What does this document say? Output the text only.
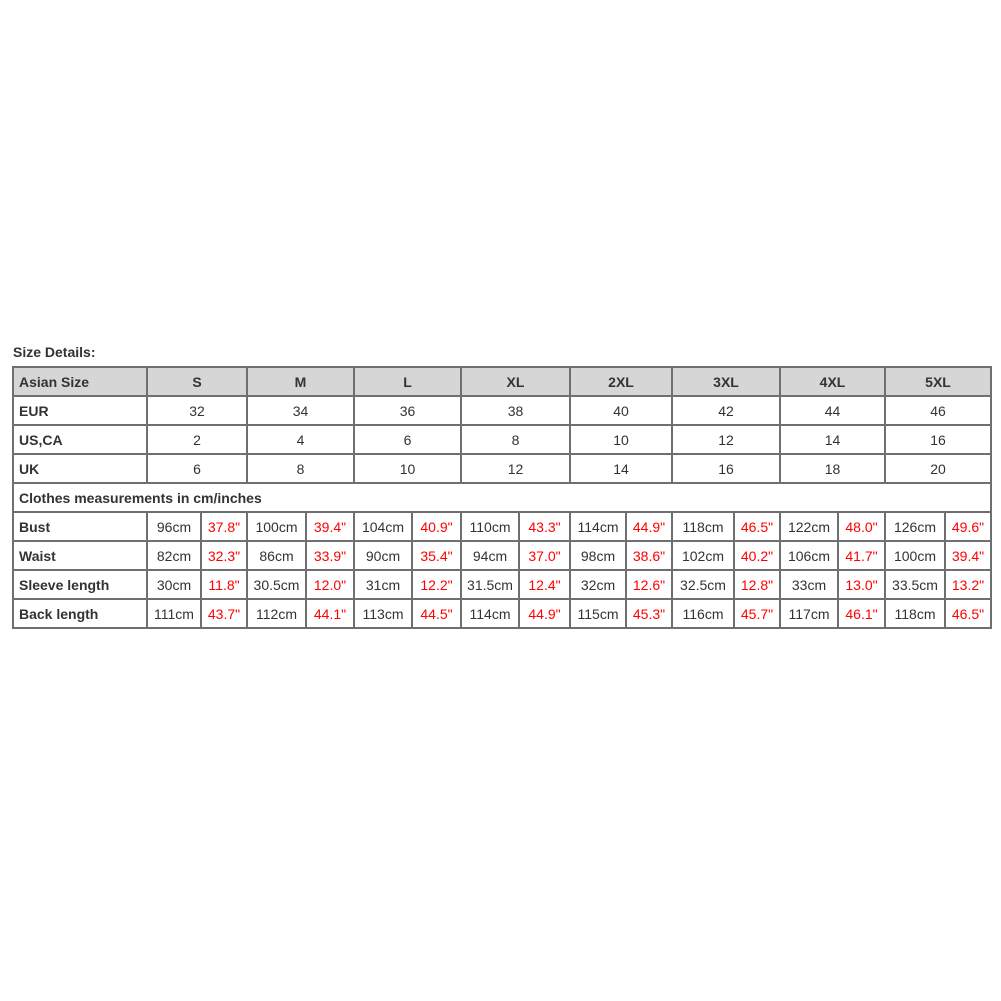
Size Details:
Asian Size	S		M		L		XL		2XL		3XL		4XL		5XL	
EUR	32		34		36		38		40		42		44		46	
US,CA	2		4		6		8		10		12		14		16	
UK	6		8		10		12		14		16		18		20	
Clothes measurements in cm/inches																
Bust	96cm	37.8"	100cm	39.4"	104cm	40.9"	110cm	43.3"	114cm	44.9"	118cm	46.5"	122cm	48.0"	126cm	49.6"
Waist	82cm	32.3"	86cm	33.9"	90cm	35.4"	94cm	37.0"	98cm	38.6"	102cm	40.2"	106cm	41.7"	100cm	39.4"
Sleeve length	30cm	11.8"	30.5cm	12.0"	31cm	12.2"	31.5cm	12.4"	32cm	12.6"	32.5cm	12.8"	33cm	13.0"	33.5cm	13.2"
Back length	111cm	43.7"	112cm	44.1"	113cm	44.5"	114cm	44.9"	115cm	45.3"	116cm	45.7"	117cm	46.1"	118cm	46.5"
